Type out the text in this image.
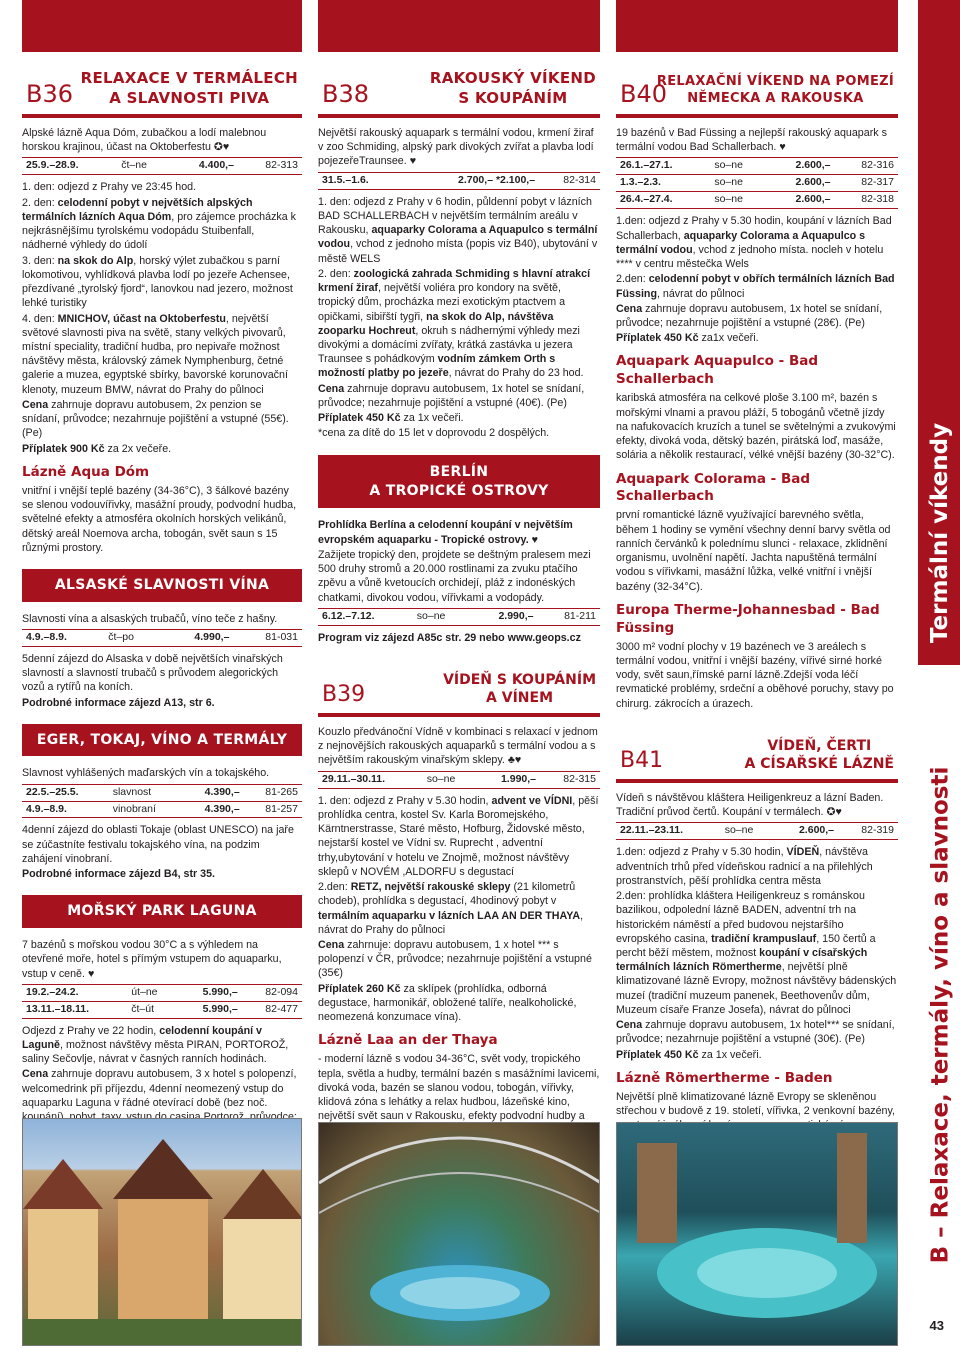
B36
RELAXACE V TERMÁLECH
A SLAVNOSTI PIVA

Alpské lázně Aqua Dóm, zubačkou a lodí malebnou horskou krajinou, účast na Oktoberfestu ✪♥

25.9.–28.9.	čt–ne	4.400,–	82-313

1. den: odjezd z Prahy ve 23:45 hod.

2. den: celodenní pobyt v největších alpských termálních lázních Aqua Dóm, pro zájemce procházka k nejkrásnějšímu tyrolskému vodopádu Stuibenfall, nádherné výhledy do údolí

3. den: na skok do Alp, horský výlet zubačkou s parní lokomotivou, vyhlídková plavba lodí po jezeře Achensee, přezdívané „tyrolský fjord“, lanovkou nad jezero, možnost lehké turistiky

4. den: MNICHOV, účast na Oktoberfestu, největší světové slavnosti piva na světě, stany velkých pivovarů, místní speciality, tradiční hudba, pro nepivaře možnost návštěvy města, královský zámek Nymphenburg, četné galerie a muzea, egyptské sbírky, bavorské korunovační klenoty, muzeum BMW, návrat do Prahy do půlnoci

Cena zahrnuje dopravu autobusem, 2x penzion se snídaní, průvodce; nezahrnuje pojištění a vstupné (55€). (Pe)

Příplatek 900 Kč za 2x večeře.

Lázně Aqua Dóm

vnitřní i vnější teplé bazény (34-36°C), 3 šálkové bazény se slenou vodouvířivky, masážní proudy, podvodní hudba, světelné efekty a atmosféra okolních horských velikánů, dětský areál Noemova archa, tobogán, svět saun s 15 různými prostory.

ALSASKÉ SLAVNOSTI VÍNA

Slavnosti vína a alsaských trubačů, víno teče z hašny.

4.9.–8.9.	čt–po	4.990,–	81-031

5denní zájezd do Alsaska v době největších vinařských slavností a slavností trubačů s průvodem alegorických vozů a rytířů na koních.

Podrobné informace zájezd A13, str 6.

EGER, TOKAJ, VÍNO A TERMÁLY

Slavnost vyhlášených maďarských vín a tokajského.

22.5.–25.5.	slavnost	4.390,–	81-265
4.9.–8.9.	vinobraní	4.390,–	81-257

4denní zájezd do oblasti Tokaje (oblast UNESCO) na jaře se zúčastníte festivalu tokajského vína, na podzim zahájení vinobraní.

Podrobné informace zájezd B4, str 35.

MOŘSKÝ PARK LAGUNA

7 bazénů s mořskou vodou 30°C a s výhledem na otevřené moře, hotel s přímým vstupem do aquaparku, vstup v ceně. ♥

19.2.–24.2.	út–ne	5.990,–	82-094
13.11.–18.11.	čt–út	5.990,–	82-477

Odjezd z Prahy ve 22 hodin, celodenní koupání v Laguně, možnost návštěvy města PIRAN, PORTOROŽ, saliny Sečovlje, návrat v časných ranních hodinách.

Cena zahrnuje dopravu autobusem, 3 x hotel s polopenzí, welcomedrink při příjezdu, 4denní neomezený vstup do aquaparku Laguna v řádné otevírací době (bez noč.

B38
RAKOUSKÝ VÍKEND
S KOUPÁNÍM

Největší rakouský aquapark s termální vodou, krmení žiraf v zoo Schmiding, alpský park divokých zvířat a plavba lodí pojezeřeTraunsee. ♥

31.5.–1.6.		2.700,– *2.100,–	82-314

1. den: odjezd z Prahy v 6 hodin, půldenní pobyt v lázních BAD SCHALLERBACH v největším termálním areálu v Rakousku, aquaparky Colorama a Aquapulco s termální vodou, vchod z jednoho místa (popis viz B40), ubytování v městě WELS

2. den: zoologická zahrada Schmiding s hlavní atrakcí krmení žiraf, největší voliéra pro kondory na světě, tropický dům, procházka mezi exotickým ptactvem a opičkami, sibiřští tygři, na skok do Alp, návštěva zooparku Hochreut, okruh s nádhernými výhledy mezi divokými a domácími zvířaty, krátká zastávka u jezera Traunsee s pohádkovým vodním zámkem Orth s možností platby po jezeře, návrat do Prahy do 23 hod.

Cena zahrnuje dopravu autobusem, 1x hotel se snídaní, průvodce; nezahrnuje pojištění a vstupné (40€). (Pe)

Příplatek 450 Kč za 1x večeři.

*cena za dítě do 15 let v doprovodu 2 dospělých.

BERLÍN
A TROPICKÉ OSTROVY

Prohlídka Berlína a celodenní koupání v největším evropském aquaparku - Tropické ostrovy. ♥

Zažijete tropický den, projdete se deštným pralesem mezi 500 druhy stromů a 20.000 rostlinami za zvuku ptačího zpěvu a vůně kvetoucích orchidejí, pláž z indonéských chatkami, divokou vodou, vířivkami a vodopády.

6.12.–7.12.	so–ne	2.990,–	81-211

Program viz zájezd A85c str. 29 nebo www.geops.cz

B39
VÍDEŇ S KOUPÁNÍM
A VÍNEM

Kouzlo předvánoční Vídně v kombinaci s relaxací v jednom z nejnovějších rakouských aquaparků s termální vodou a s největším rakouským vinařským sklepy. ♣♥

29.11.–30.11.	so–ne	1.990,–	82-315

1. den: odjezd z Prahy v 5.30 hodin, advent ve VÍDNI, pěší prohlídka centra, kostel Sv. Karla Boromejského, Kärntnerstrasse, Staré město, Hofburg, Židovské město, nejstarší kostel ve Vídni sv. Ruprecht , adventní trhy,ubytování v hotelu ve Znojmě, možnost návštěvy sklepů v NOVÉM ,ALDORFU s degustací

2.den: RETZ, největší rakouské sklepy (21 kilometrů chodeb), prohlídka s degustací, 4hodinový pobyt v termálním aquaparku v lázních LAA AN DER THAYA, návrat do Prahy do půlnoci

Cena zahrnuje: dopravu autobusem, 1 x hotel *** s polopenzí v ČR, průvodce; nezahrnuje pojištění a vstupné (35€)

Příplatek 260 Kč za sklípek (prohlídka, odborná degustace, harmonikář, obložené talíře, nealkoholické, neomezená konzumace vína).

Lázně Laa an der Thaya

- moderní lázně s vodou 34-36°C, svět vody, tropického tepla, světla a hudby, termální bazén s masážními lavicemi, divoká voda, bazén se slanou vodou, tobogán, vířivky, klidová zóna s lehátky a relax hudbou, lázeňské kino, největší svět saun v Rakousku, efekty podvodní hudby a

B40
RELAXAČNÍ VÍKEND NA POMEZÍ
NĚMECKA A RAKOUSKA

19 bazénů v Bad Füssing a nejlepší rakouský aquapark s termální vodou Bad Schallerbach. ♥

26.1.–27.1.	so–ne	2.600,–	82-316
1.3.–2.3.	so–ne	2.600,–	82-317
26.4.–27.4.	so–ne	2.600,–	82-318

1.den: odjezd z Prahy v 5.30 hodin, koupání v lázních Bad Schallerbach, aquaparky Colorama a Aquapulco s termální vodou, vchod z jednoho místa. nocleh v hotelu **** v centru městečka Wels

2.den: celodenní pobyt v obřích termálních lázních Bad Füssing, návrat do půlnoci

Cena zahrnuje dopravu autobusem, 1x hotel se snídaní, průvodce; nezahrnuje pojištění a vstupné (28€). (Pe)

Příplatek 450 Kč za1x večeři.

Aquapark Aquapulco - Bad Schallerbach

karibská atmosféra na celkové ploše 3.100 m², bazén s mořskými vlnami a pravou pláží, 5 tobogánů včetně jízdy na nafukovacích kruzích a tunel se světelnými a zvukovými efekty, divoká voda, dětský bazén, pirátská loď, masáže, solária a několik restaurací, vélké vnější bazény (30-32°C).

Aquapark Colorama - Bad Schallerbach

první romantické lázně využívající barevného světla, během 1 hodiny se vymění všechny denní barvy světla od ranních červánků k polednímu slunci - relaxace, zklidnění organismu, uvolnění napětí. Jachta napuštěná termální vodou s vířivkami, masážní lůžka, velké vnitřní i vnější bazény (32-34°C).

Europa Therme-Johannesbad - Bad Füssing

3000 m² vodní plochy v 19 bazénech ve 3 areálech s termální vodou, vnitřní i vnější bazény, vířivé sirné horké vody, svět saun,římské parní lázně.Zdejší voda léčí revmatické problémy, srdeční a oběhové poruchy, stavy po chirurg. zákrocích a úrazech.

B41
VÍDEŇ, ČERTI
A CÍSAŘSKÉ LÁZNĚ

Vídeň s návštěvou kláštera Heiligenkreuz a lázní Baden. Tradiční průvod čertů. Koupání v termálech. ✪♥

22.11.–23.11.	so–ne	2.600,–	82-319

1.den: odjezd z Prahy v 5.30 hodin, VÍDEŇ, návštěva adventních trhů před vídeňskou radnicí a na přilehlých prostranstvích, pěší prohlídka centra města

2.den: prohlídka kláštera Heiligenkreuz s románskou bazilikou, odpolední lázně BADEN, adventní trh na historickém náměstí a před budovou nejstaršího evropského casina, tradiční krampuslauf, 150 čertů a percht běží městem, možnost koupání v císařských termálních lázních Römertherme, největší plně klimatizované lázně Evropy, možnost návštěvy bádenských muzeí (tradiční muzeum panenek, Beethovenův dům, Muzeum císaře Franze Josefa), návrat do půlnoci

Cena zahrnuje dopravu autobusem, 1x hotel*** se snídaní, průvodce; nezahrnuje pojištění a vstupné (30€). (Pe)

Příplatek 450 Kč za 1x večeři.

Lázně Römertherme - Baden

Největší plně klimatizované lázně Evropy se skleněnou střechou v budově z 19. století, vířivka, 2 venkovní bazény,

Termální víkendy
B – Relaxace, termály, víno a slavnosti
43
